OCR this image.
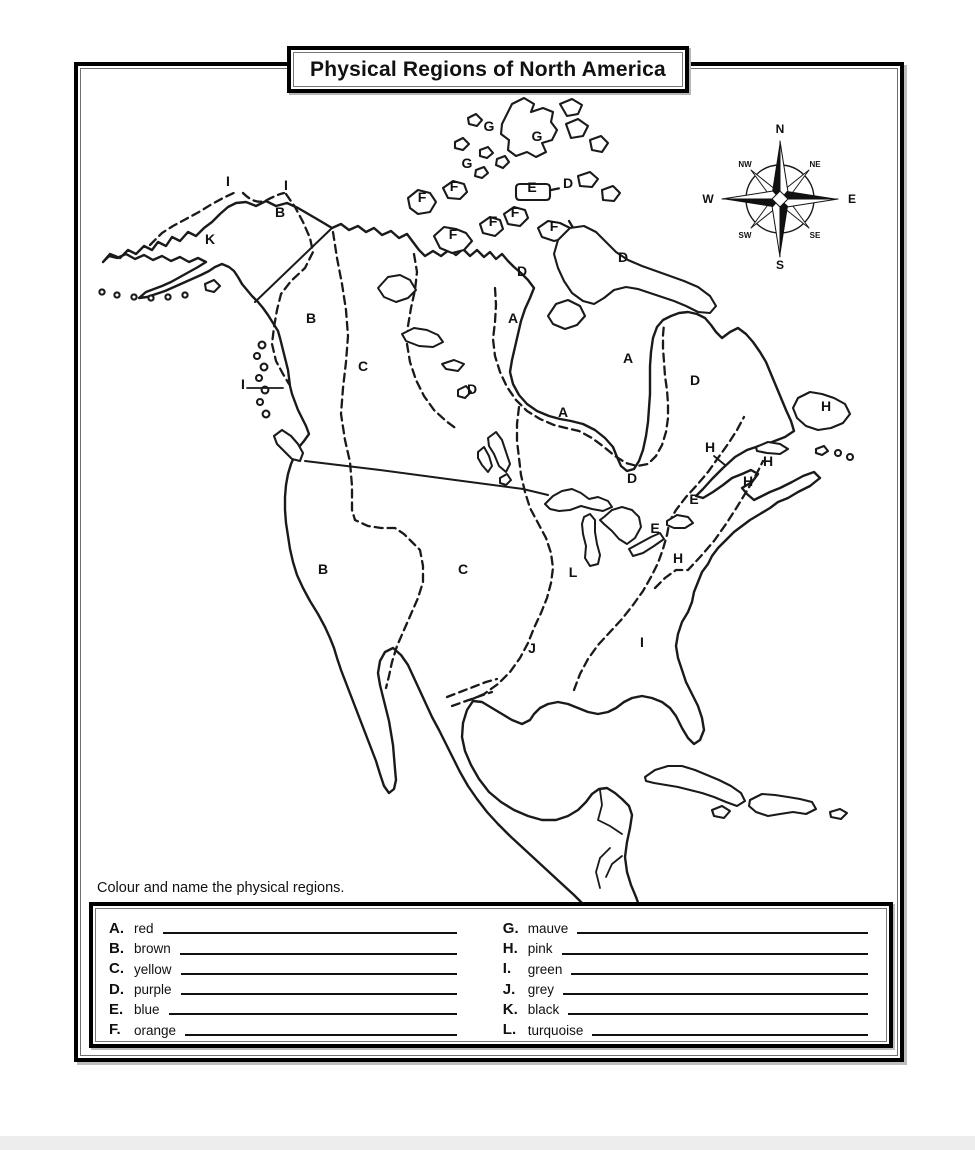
Physical Regions of North America
N
NE
E
SE
S
SW
W
NW
I	I
B
K
B
C
I
G
G
G
F
F
E D
F
F
F	F
D
D
A
A
D
D
A	H
H
H
H
D
E
E
H
L
B	C
J	I
Colour and name the physical regions.
A. red
B. brown
C. yellow
D. purple
E. blue
F. orange
G. mauve
H. pink
I.	green
J. grey
K. black
L. turquoise
